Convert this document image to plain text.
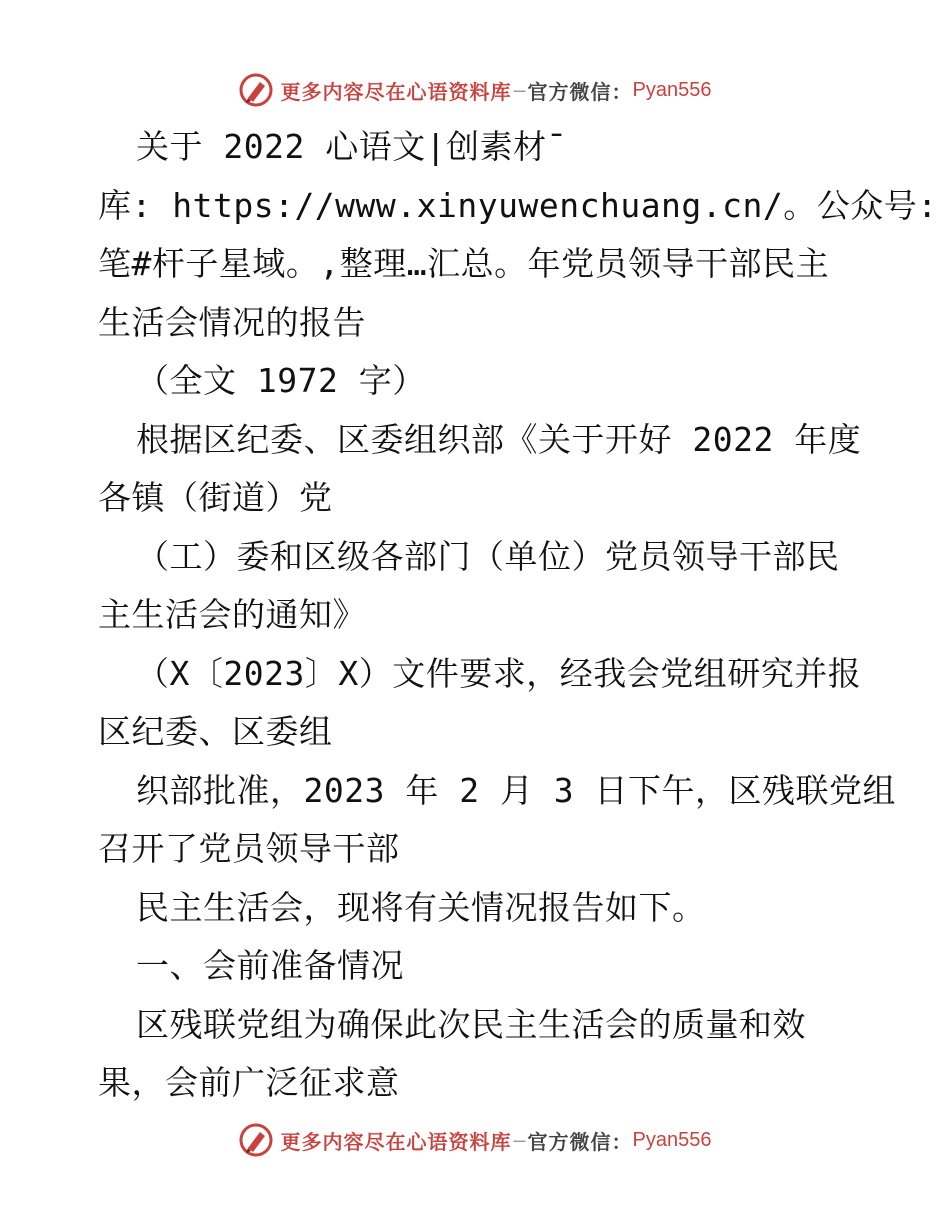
更多内容尽在心语资料库 — 官方微信： Pyan556
关于 2022 心语文|创素材¯
库: https://www.xinyuwenchuang.cn/。公众号:
笔#杆子星域。,整理…汇总。年党员领导干部民主
生活会情况的报告
（全文 1972 字）
根据区纪委、区委组织部《关于开好 2022 年度
各镇（街道）党
（工）委和区级各部门（单位）党员领导干部民
主生活会的通知》
（X〔2023〕X）文件要求，经我会党组研究并报
区纪委、区委组
织部批准，2023 年 2 月 3 日下午，区残联党组
召开了党员领导干部
民主生活会，现将有关情况报告如下。
一、会前准备情况
区残联党组为确保此次民主生活会的质量和效
果，会前广泛征求意
更多内容尽在心语资料库 — 官方微信： Pyan556
